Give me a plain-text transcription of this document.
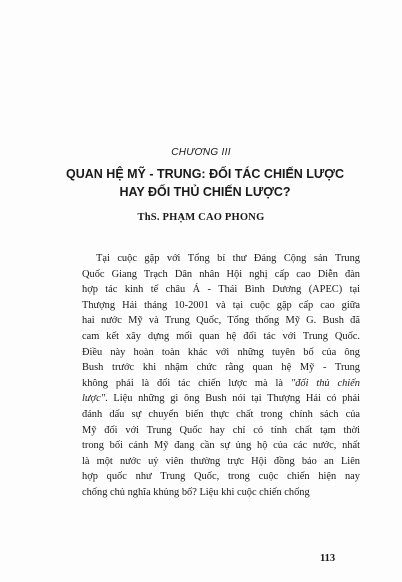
CHƯƠNG III
QUAN HỆ MỸ - TRUNG: ĐỐI TÁC CHIẾN LƯỢC
HAY ĐỐI THỦ CHIẾN LƯỢC?
ThS. PHẠM CAO PHONG
Tại cuộc gặp với Tổng bí thư Đảng Cộng sản Trung
Quốc Giang Trạch Dân nhân Hội nghị cấp cao Diễn đàn
hợp tác kinh tế châu Á - Thái Bình Dương (APEC) tại
Thượng Hải tháng 10-2001 và tại cuộc gặp cấp cao giữa
hai nước Mỹ và Trung Quốc, Tổng thống Mỹ G. Bush đã
cam kết xây dựng mối quan hệ đối tác với Trung Quốc.
Điều này hoàn toàn khác với những tuyên bố của ông
Bush trước khi nhậm chức rằng quan hệ Mỹ - Trung
không phải là đối tác chiến lược mà là "đối thủ chiến
lược". Liệu những gì ông Bush nói tại Thượng Hải có phải
đánh dấu sự chuyển biến thực chất trong chính sách của
Mỹ đối với Trung Quốc hay chỉ có tính chất tạm thời
trong bối cảnh Mỹ đang cần sự ủng hộ của các nước, nhất
là một nước uỷ viên thường trực Hội đồng bảo an Liên
hợp quốc như Trung Quốc, trong cuộc chiến hiện nay
chống chủ nghĩa khủng bố? Liệu khi cuộc chiến chống
113
